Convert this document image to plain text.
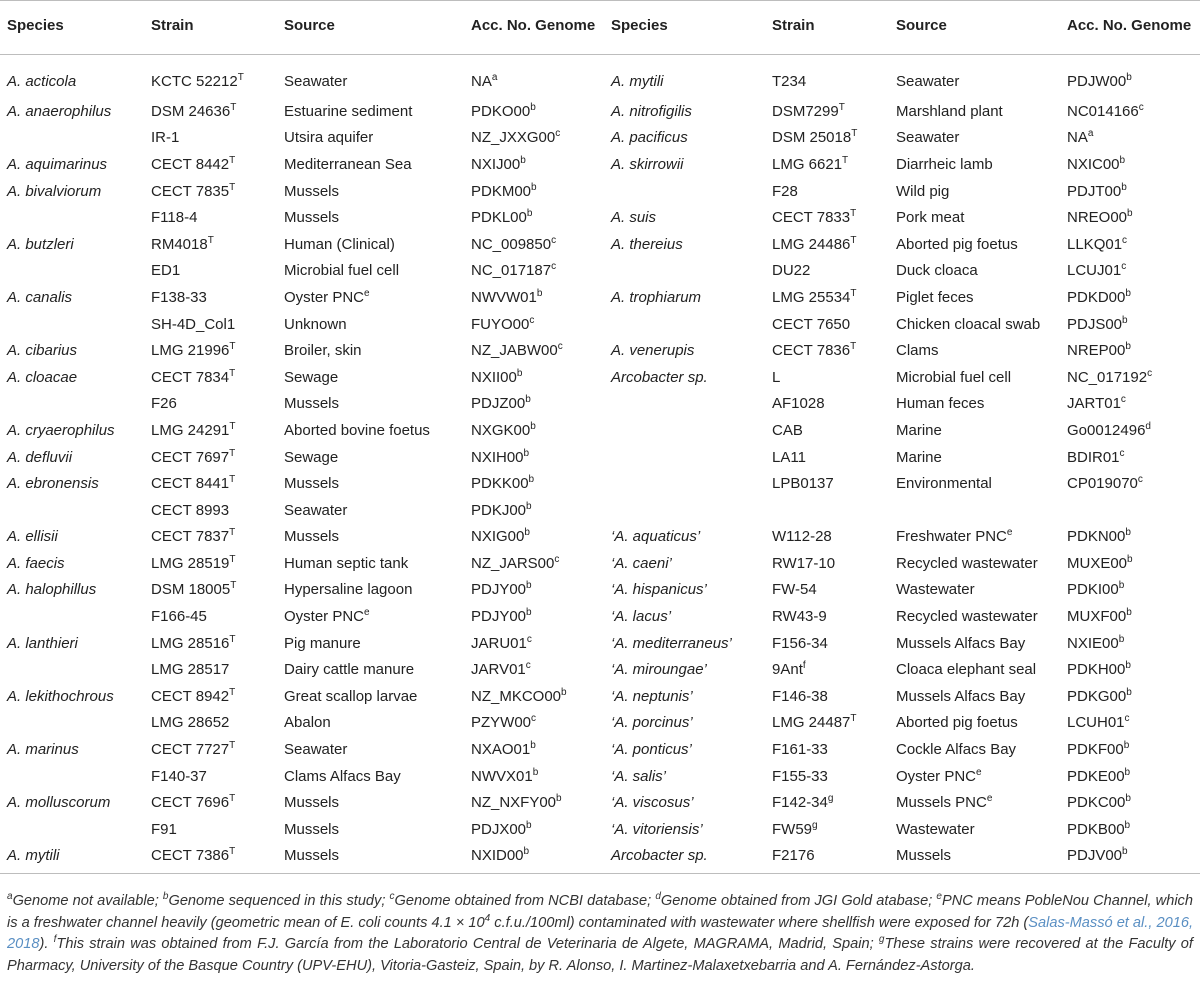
Species	Strain	Source	Acc. No. Genome	Species	Strain	Source	Acc. No. Genome
A. acticola	KCTC $52212^T$	Seawater	$NA^a$	A. mytili	T234	Seawater	PDJW00$^b$
A. anaerophilus	DSM $24636^T$	Estuarine sediment	PDKO00$^b$	A. nitrofigilis	$DSM7299^T$	Marshland plant	NC014166$^c$
	IR-1	Utsira aquifer	NZ_JXXG00$^c$	A. pacificus	DSM $25018^T$	Seawater	$NA^a$
A. aquimarinus	CECT $8442^T$	Mediterranean Sea	NXIJ00$^b$	A. skirrowii	LMG $6621^T$	Diarrheic lamb	NXIC00$^b$
A. bivalviorum	CECT $7835^T$	Mussels	PDKM00$^b$		F28	Wild pig	PDJT00$^b$
	F118-4	Mussels	PDKL00$^b$	A. suis	CECT $7833^T$	Pork meat	NREO00$^b$
A. butzleri	$RM4018^T$	Human (Clinical)	NC_009850$^c$	A. thereius	LMG $24486^T$	Aborted pig foetus	LLKQ01$^c$
	ED1	Microbial fuel cell	NC_017187$^c$		DU22	Duck cloaca	LCUJ01$^c$
A. canalis	F138-33	Oyster PNC$^e$	NWVW01$^b$	A. trophiarum	LMG $25534^T$	Piglet feces	PDKD00$^b$
	SH-4D_Col1	Unknown	FUYO00$^c$		CECT 7650	Chicken cloacal swab	PDJS00$^b$
A. cibarius	LMG $21996^T$	Broiler, skin	NZ_JABW00$^c$	A. venerupis	CECT $7836^T$	Clams	NREP00$^b$
A. cloacae	CECT $7834^T$	Sewage	NXII00$^b$	Arcobacter sp.	L	Microbial fuel cell	NC_017192$^c$
	F26	Mussels	PDJZ00$^b$		AF1028	Human feces	JART01$^c$
A. cryaerophilus	LMG $24291^T$	Aborted bovine foetus	NXGK00$^b$		CAB	Marine	Go0012496$^d$
A. defluvii	CECT $7697^T$	Sewage	NXIH00$^b$		LA11	Marine	BDIR01$^c$
A. ebronensis	CECT $8441^T$	Mussels	PDKK00$^b$		LPB0137	Environmental	CP019070$^c$
	CECT 8993	Seawater	PDKJ00$^b$				
A. ellisii	CECT $7837^T$	Mussels	NXIG00$^b$	‘A. aquaticus’	W112-28	Freshwater PNC$^e$	PDKN00$^b$
A. faecis	LMG $28519^T$	Human septic tank	NZ_JARS00$^c$	‘A. caeni’	RW17-10	Recycled wastewater	MUXE00$^b$
A. halophillus	DSM $18005^T$	Hypersaline lagoon	PDJY00$^b$	‘A. hispanicus’	FW-54	Wastewater	PDKI00$^b$
	F166-45	Oyster PNC$^e$	PDJY00$^b$	‘A. lacus’	RW43-9	Recycled wastewater	MUXF00$^b$
A. lanthieri	LMG $28516^T$	Pig manure	JARU01$^c$	‘A. mediterraneus’	F156-34	Mussels Alfacs Bay	NXIE00$^b$
	LMG 28517	Dairy cattle manure	JARV01$^c$	‘A. miroungae’	9Ant$^f$	Cloaca elephant seal	PDKH00$^b$
A. lekithochrous	CECT $8942^T$	Great scallop larvae	NZ_MKCO00$^b$	‘A. neptunis’	F146-38	Mussels Alfacs Bay	PDKG00$^b$
	LMG 28652	Abalon	PZYW00$^c$	‘A. porcinus’	LMG $24487^T$	Aborted pig foetus	LCUH01$^c$
A. marinus	CECT $7727^T$	Seawater	NXAO01$^b$	‘A. ponticus’	F161-33	Cockle Alfacs Bay	PDKF00$^b$
	F140-37	Clams Alfacs Bay	NWVX01$^b$	‘A. salis’	F155-33	Oyster PNC$^e$	PDKE00$^b$
A. molluscorum	CECT $7696^T$	Mussels	NZ_NXFY00$^b$	‘A. viscosus’	F142-34$^g$	Mussels PNC$^e$	PDKC00$^b$
	F91	Mussels	PDJX00$^b$	‘A. vitoriensis’	FW59$^g$	Wastewater	PDKB00$^b$
A. mytili	CECT $7386^T$	Mussels	NXID00$^b$	Arcobacter sp.	F2176	Mussels	PDJV00$^b$
$^a$Genome not available; $^b$Genome sequenced in this study; $^c$Genome obtained from NCBI database; $^d$Genome obtained from JGI Gold atabase; $^e$PNC means PobleNou Channel, which is a freshwater channel heavily (geometric mean of E. coli counts $4.1 \times 10^4$ c.f.u./100ml) contaminated with wastewater where shellfish were exposed for 72h (Salas-Massó et al., 2016, 2018). $^f$This strain was obtained from F.J. García from the Laboratorio Central de Veterinaria de Algete, MAGRAMA, Madrid, Spain; $^g$These strains were recovered at the Faculty of Pharmacy, University of the Basque Country (UPV-EHU), Vitoria-Gasteiz, Spain, by R. Alonso, I. Martinez-Malaxetxebarria and A. Fernández-Astorga.
